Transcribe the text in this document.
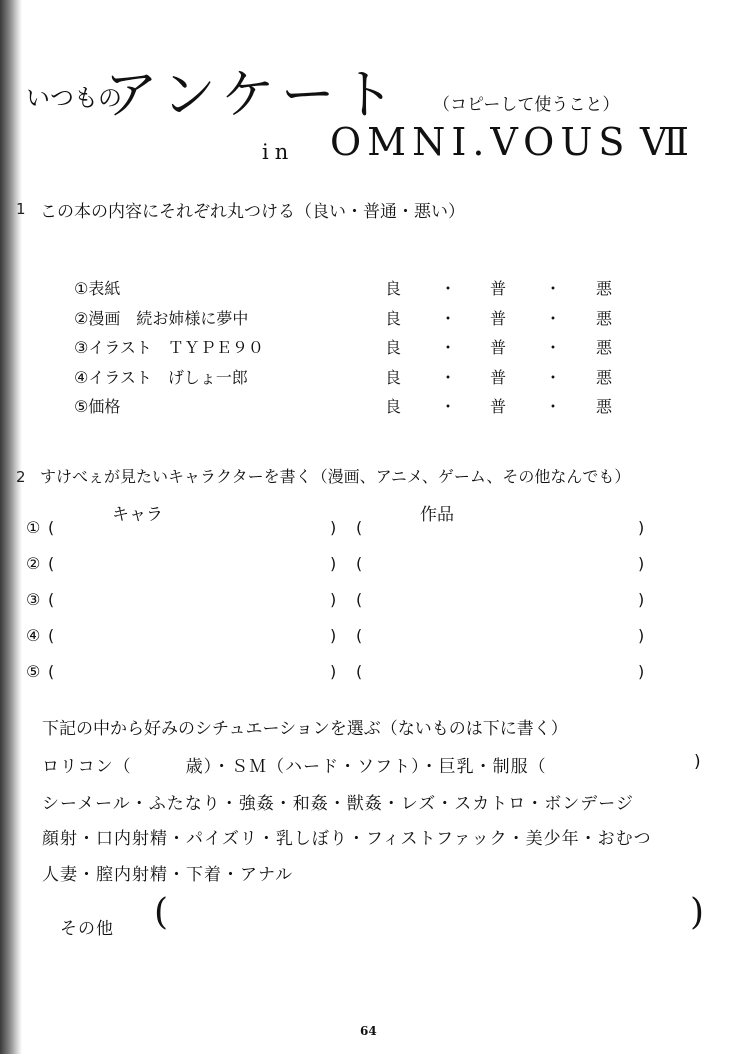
いつもの
アンケート （コピーして使うこと）
in OMNI.VOUS Ⅶ
1 この本の内容にそれぞれ丸つける（良い・普通・悪い）
①表紙	良 ・ 普 ・ 悪
②漫画　続お姉様に夢中	良 ・ 普 ・ 悪
③イラスト　ＴＹＰＥ９０	良 ・ 普 ・ 悪
④イラスト　げしょ一郎	良 ・ 普 ・ 悪
⑤価格	良 ・ 普 ・ 悪
2 すけべぇが見たいキャラクターを書く（漫画、アニメ、ゲーム、その他なんでも）
キャラ	作品
① (	) (	)
② (	) (	)
③ (	) (	)
④ (	) (	)
⑤ (	) (	)
下記の中から好みのシチュエーションを選ぶ（ないものは下に書く）
ロリコン（　　　歳）・ＳＭ（ハード・ソフト）・巨乳・制服（	)
シーメール・ふたなり・強姦・和姦・獣姦・レズ・スカトロ・ボンデージ
顔射・口内射精・パイズリ・乳しぼり・フィストファック・美少年・おむつ
人妻・膣内射精・下着・アナル
その他 (	)
64
